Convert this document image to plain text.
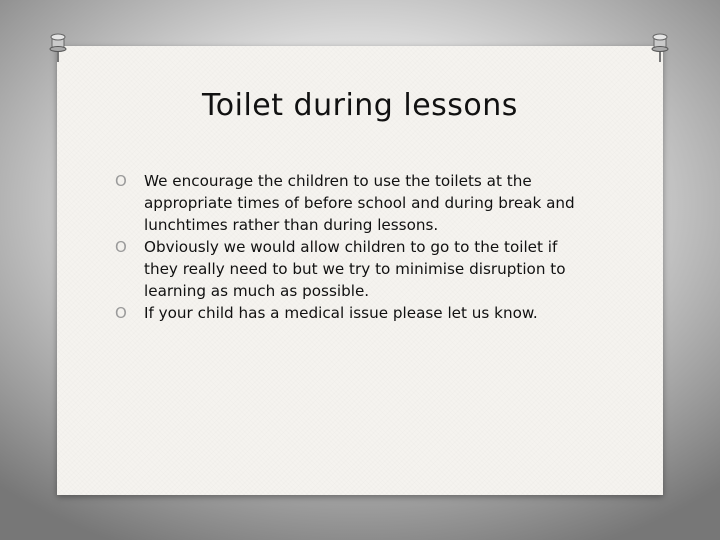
Toilet during lessons
O	We encourage the children to use the toilets at the appropriate times of before school and during break and lunchtimes rather than during lessons.
O	Obviously we would allow children to go to the toilet if they really need to but we try to minimise disruption to learning as much as possible.
O	If your child has a medical issue please let us know.
